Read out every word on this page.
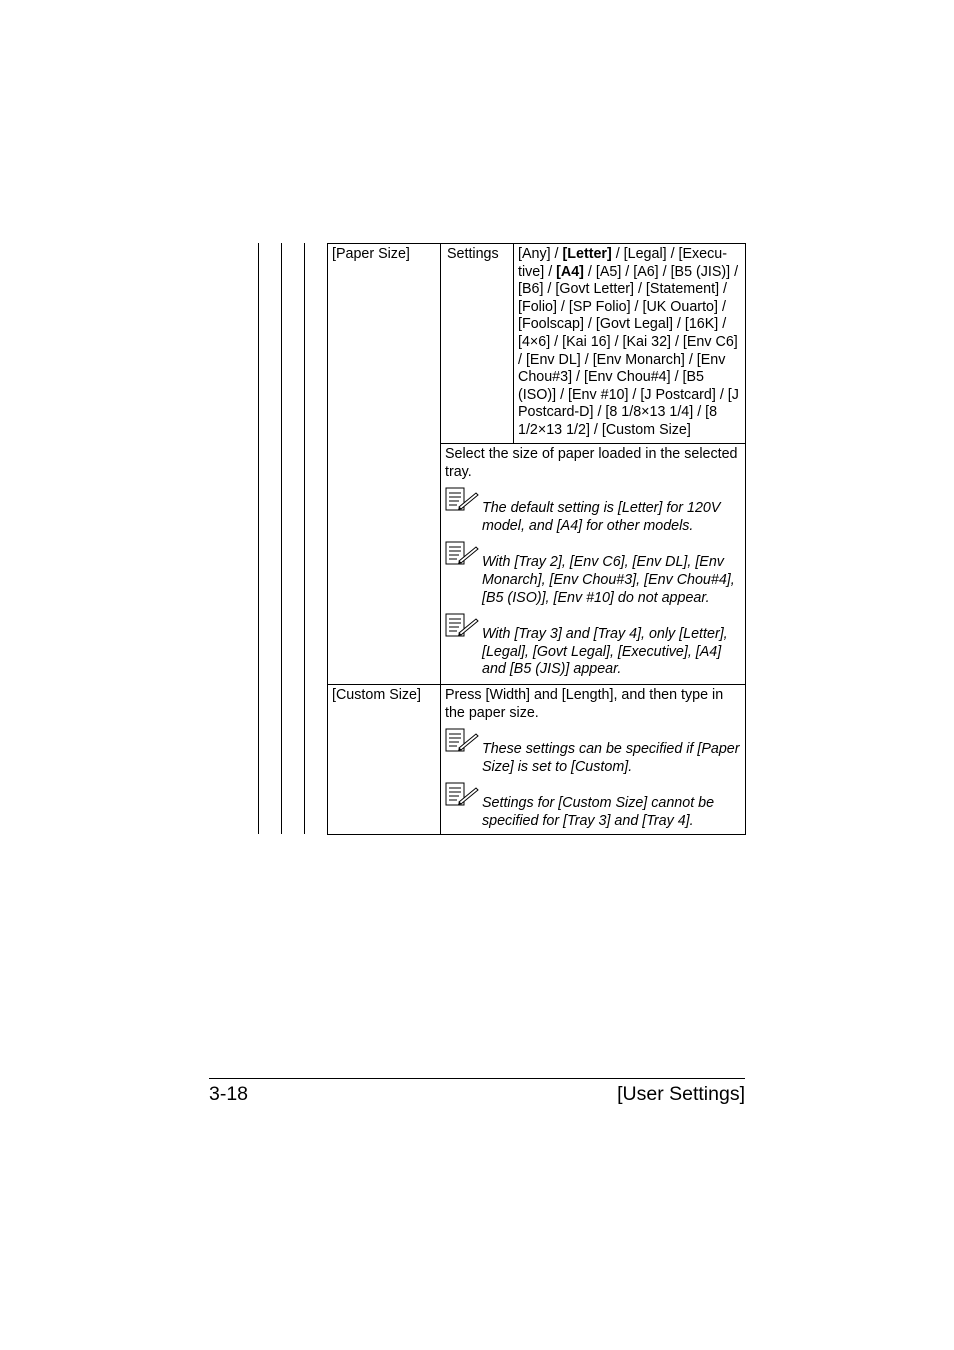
[Paper Size]	Settings	[Any] / [Letter] / [Legal] / [Execu-tive] / [A4] / [A5] / [A6] / [B5 (JIS)] / [B6] / [Govt Letter] / [Statement] / [Folio] / [SP Folio] / [UK Ouarto] / [Foolscap] / [Govt Legal] / [16K] / [4×6] / [Kai 16] / [Kai 32] / [Env C6] / [Env DL] / [Env Monarch] / [Env Chou#3] / [Env Chou#4] / [B5 (ISO)] / [Env #10] / [J Postcard] / [J Postcard-D] / [8 1/8×13 1/4] / [8 1/2×13 1/2] / [Custom Size]
Select the size of paper loaded in the selected tray.
The default setting is [Letter] for 120V model, and [A4] for other models.
With [Tray 2], [Env C6], [Env DL], [Env Monarch], [Env Chou#3], [Env Chou#4], [B5 (ISO)], [Env #10] do not appear.
With [Tray 3] and [Tray 4], only [Letter], [Legal], [Govt Legal], [Executive], [A4] and [B5 (JIS)] appear.
[Custom Size]	Press [Width] and [Length], and then type in the paper size.
These settings can be specified if [Paper Size] is set to [Custom].
Settings for [Custom Size] cannot be specified for [Tray 3] and [Tray 4].
3-18	[User Settings]
